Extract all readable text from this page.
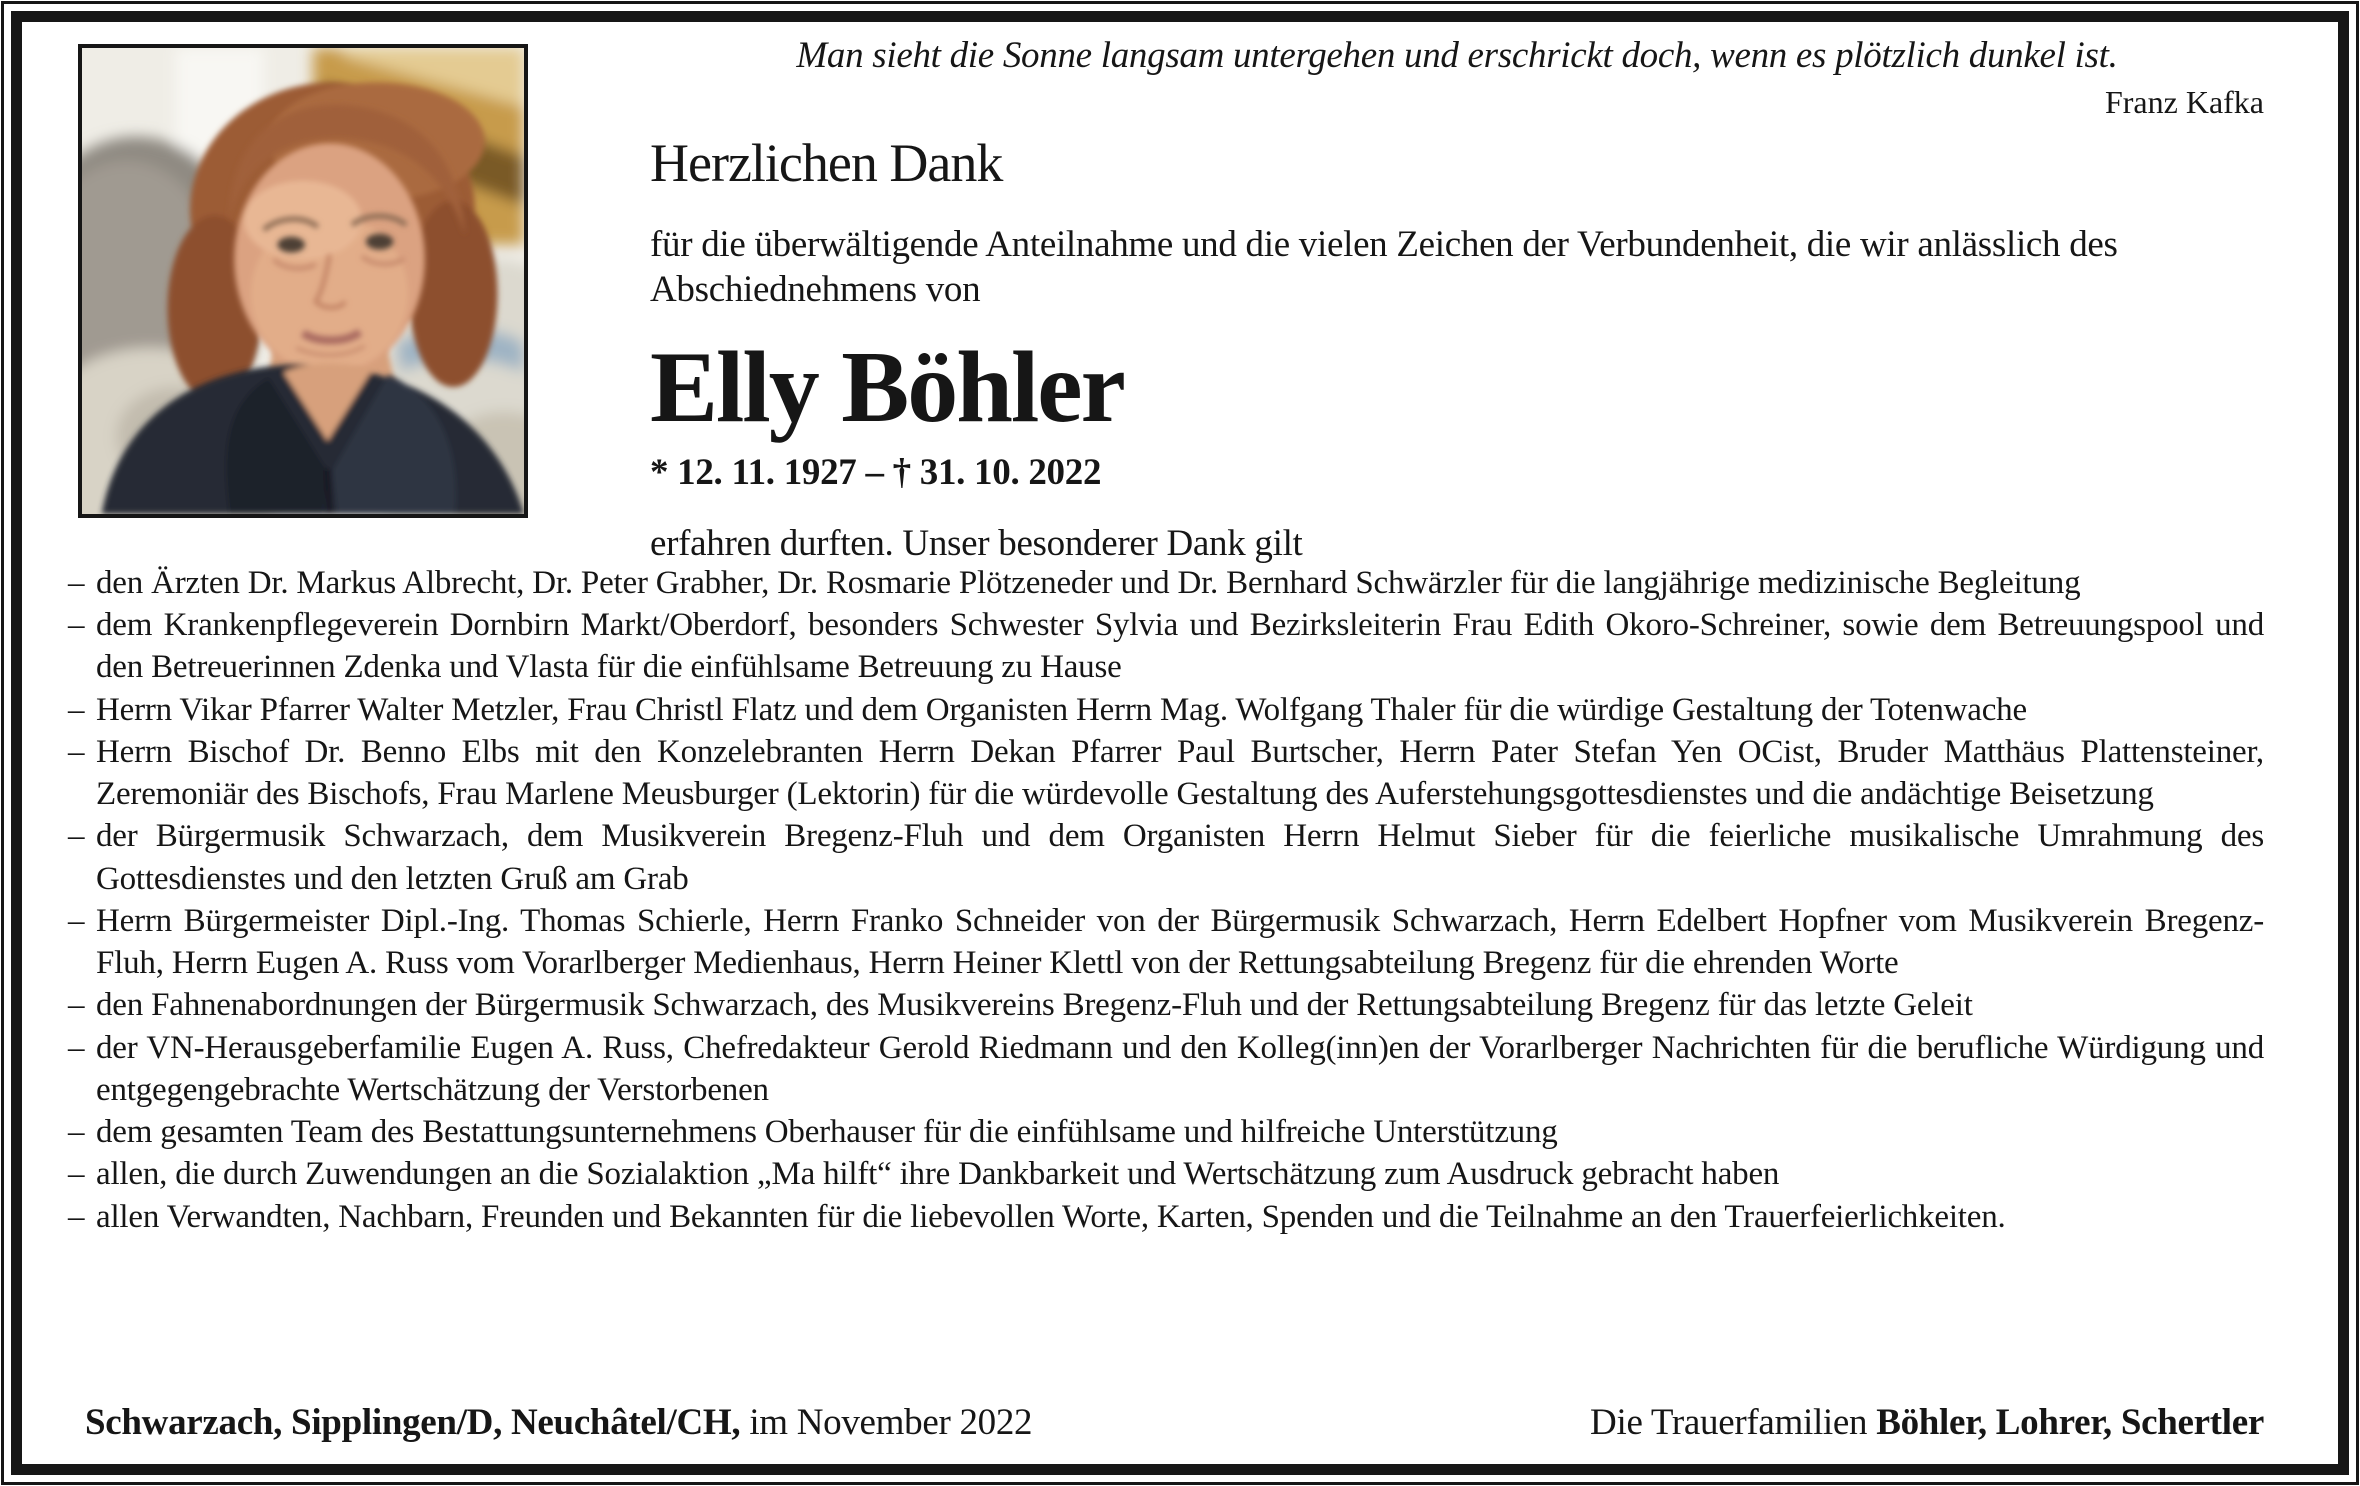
Man sieht die Sonne langsam untergehen und erschrickt doch, wenn es plötzlich dunkel ist.
Franz Kafka
Herzlichen Dank
für die überwältigende Anteilnahme und die vielen Zeichen der Verbundenheit, die wir anlässlich des Abschiednehmens von
Elly Böhler
* 12. 11. 1927 – † 31. 10. 2022
erfahren durften. Unser besonderer Dank gilt
– den Ärzten Dr. Markus Albrecht, Dr. Peter Grabher, Dr. Rosmarie Plötzeneder und Dr. Bernhard Schwärzler für die langjährige medizinische Begleitung
– dem Krankenpflegeverein Dornbirn Markt/Oberdorf, besonders Schwester Sylvia und Bezirksleiterin Frau Edith Okoro-Schreiner, sowie dem Betreuungspool und den Betreuerinnen Zdenka und Vlasta für die einfühlsame Betreuung zu Hause
– Herrn Vikar Pfarrer Walter Metzler, Frau Christl Flatz und dem Organisten Herrn Mag. Wolfgang Thaler für die würdige Gestaltung der Totenwache
– Herrn Bischof Dr. Benno Elbs mit den Konzelebranten Herrn Dekan Pfarrer Paul Burtscher, Herrn Pater Stefan Yen OCist, Bruder Matthäus Plattensteiner, Zeremoniär des Bischofs, Frau Marlene Meusburger (Lektorin) für die würdevolle Gestaltung des Auferstehungsgottesdienstes und die andächtige Beisetzung
– der Bürgermusik Schwarzach, dem Musikverein Bregenz-Fluh und dem Organisten Herrn Helmut Sieber für die feierliche musikalische Umrahmung des Gottesdienstes und den letzten Gruß am Grab
– Herrn Bürgermeister Dipl.-Ing. Thomas Schierle, Herrn Franko Schneider von der Bürgermusik Schwarzach, Herrn Edelbert Hopfner vom Musikverein Bregenz-Fluh, Herrn Eugen A. Russ vom Vorarlberger Medienhaus, Herrn Heiner Klettl von der Rettungsabteilung Bregenz für die ehrenden Worte
– den Fahnenabordnungen der Bürgermusik Schwarzach, des Musikvereins Bregenz-Fluh und der Rettungsabteilung Bregenz für das letzte Geleit
– der VN-Herausgeberfamilie Eugen A. Russ, Chefredakteur Gerold Riedmann und den Kolleg(inn)en der Vorarlberger Nachrichten für die berufliche Würdigung und entgegengebrachte Wertschätzung der Verstorbenen
– dem gesamten Team des Bestattungsunternehmens Oberhauser für die einfühlsame und hilfreiche Unterstützung
– allen, die durch Zuwendungen an die Sozialaktion „Ma hilft“ ihre Dankbarkeit und Wertschätzung zum Ausdruck gebracht haben
– allen Verwandten, Nachbarn, Freunden und Bekannten für die liebevollen Worte, Karten, Spenden und die Teilnahme an den Trauerfeierlichkeiten.
Schwarzach, Sipplingen/D, Neuchâtel/CH, im November 2022	Die Trauerfamilien Böhler, Lohrer, Schertler
